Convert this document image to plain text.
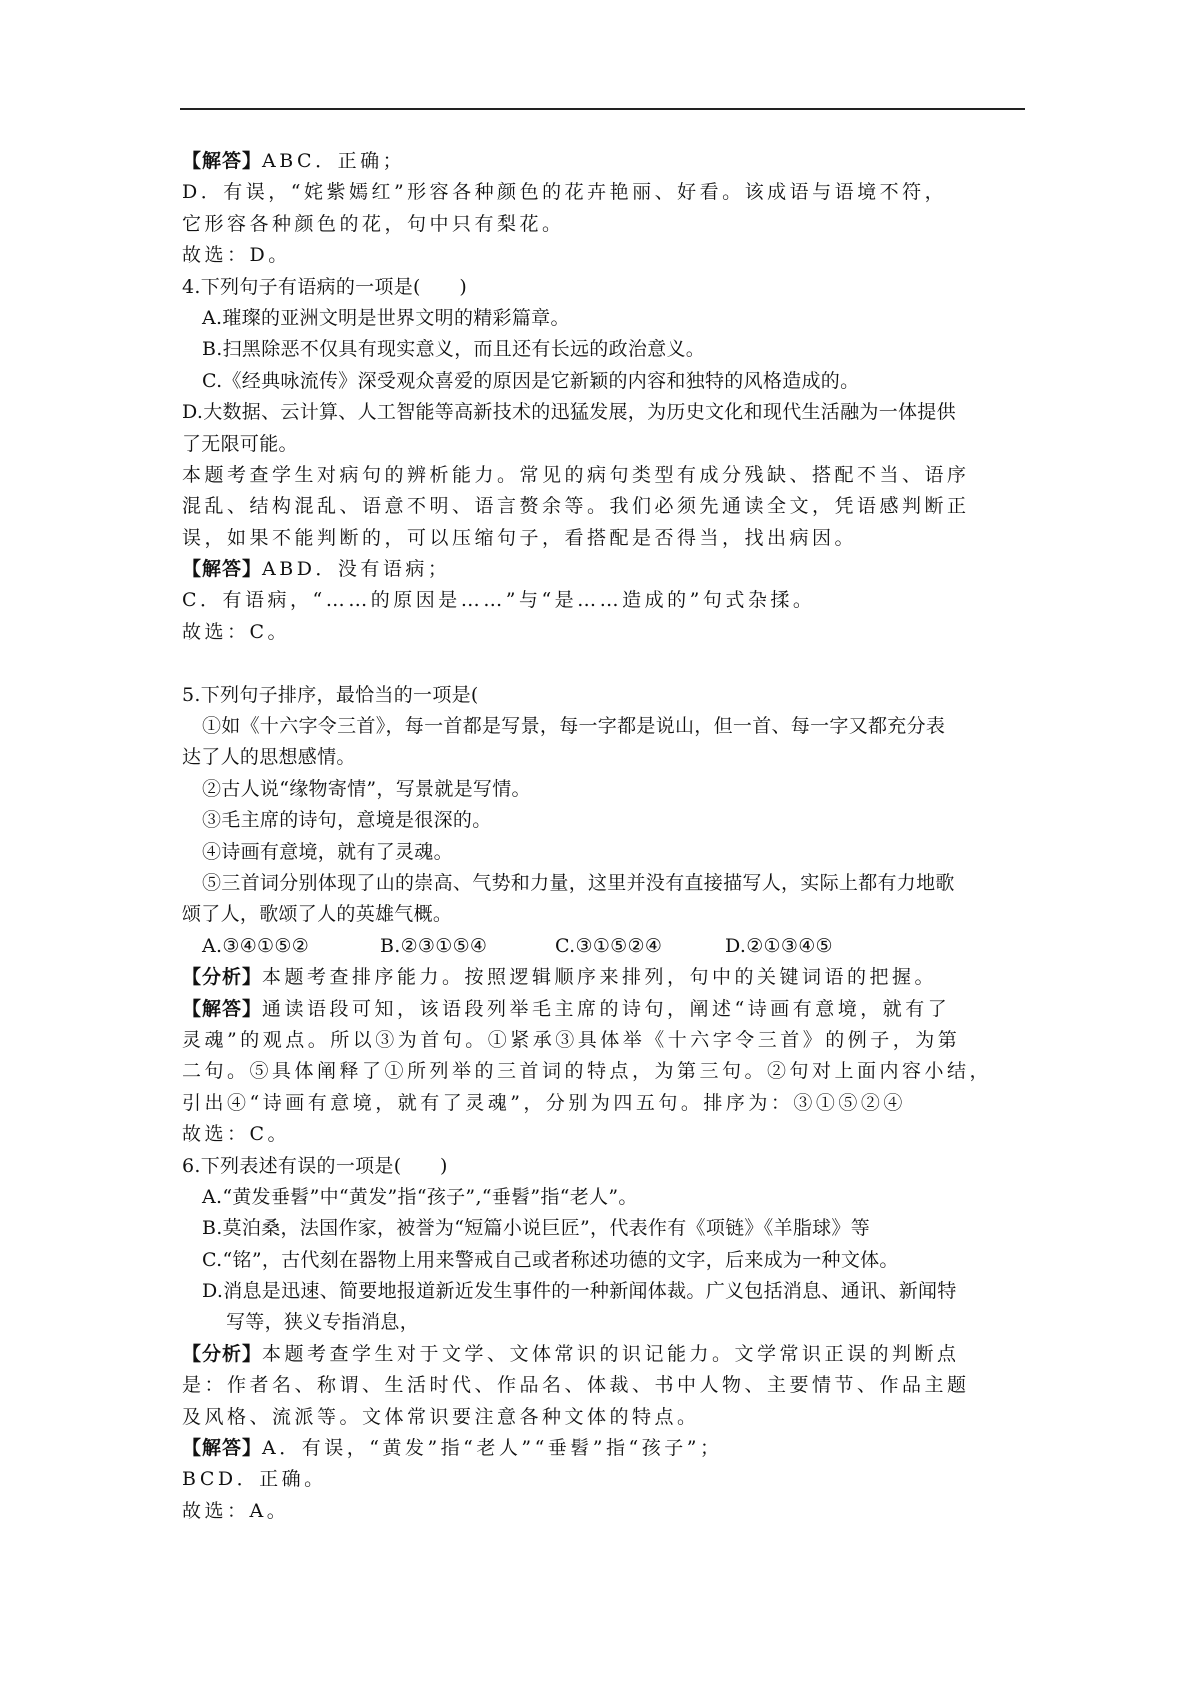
【解答】ABC．正确；
D．有误，“姹紫嫣红”形容各种颜色的花卉艳丽、好看。该成语与语境不符，
它形容各种颜色的花，句中只有梨花。
故选：D。
4.下列句子有语病的一项是(　　)
A.璀璨的亚洲文明是世界文明的精彩篇章。
B.扫黑除恶不仅具有现实意义，而且还有长远的政治意义。
C.《经典咏流传》深受观众喜爱的原因是它新颖的内容和独特的风格造成的。
D.大数据、云计算、人工智能等高新技术的迅猛发展，为历史文化和现代生活融为一体提供
了无限可能。
本题考查学生对病句的辨析能力。常见的病句类型有成分残缺、搭配不当、语序
混乱、结构混乱、语意不明、语言赘余等。我们必须先通读全文，凭语感判断正
误，如果不能判断的，可以压缩句子，看搭配是否得当，找出病因。
【解答】ABD．没有语病；
C．有语病，“……的原因是……”与“是……造成的”句式杂揉。
故选：C。
5.下列句子排序，最恰当的一项是(
①如《十六字令三首》，每一首都是写景，每一字都是说山，但一首、每一字又都充分表
达了人的思想感情。
②古人说“缘物寄情”，写景就是写情。
③毛主席的诗句，意境是很深的。
④诗画有意境，就有了灵魂。
⑤三首词分别体现了山的崇高、气势和力量，这里并没有直接描写人，实际上都有力地歌
颂了人，歌颂了人的英雄气概。
A.③④①⑤②	B.②③①⑤④	C.③①⑤②④	D.②①③④⑤
【分析】本题考查排序能力。按照逻辑顺序来排列，句中的关键词语的把握。
【解答】通读语段可知，该语段列举毛主席的诗句，阐述“诗画有意境，就有了
灵魂”的观点。所以③为首句。①紧承③具体举《十六字令三首》的例子，为第
二句。⑤具体阐释了①所列举的三首词的特点，为第三句。②句对上面内容小结，
引出④“诗画有意境，就有了灵魂”，分别为四五句。排序为：③①⑤②④
故选：C。
6.下列表述有误的一项是(　　)
A.“黄发垂髫”中“黄发”指“孩子”,“垂髫”指“老人”。
B.莫泊桑，法国作家，被誉为“短篇小说巨匠”，代表作有《项链》《羊脂球》等
C.“铭”，古代刻在器物上用来警戒自己或者称述功德的文字，后来成为一种文体。
D.消息是迅速、简要地报道新近发生事件的一种新闻体裁。广义包括消息、通讯、新闻特
写等，狭义专指消息，
【分析】本题考查学生对于文学、文体常识的识记能力。文学常识正误的判断点
是：作者名、称谓、生活时代、作品名、体裁、书中人物、主要情节、作品主题
及风格、流派等。文体常识要注意各种文体的特点。
【解答】A．有误，“黄发”指“老人”“垂髫”指“孩子”；
BCD．正确。
故选：A。
